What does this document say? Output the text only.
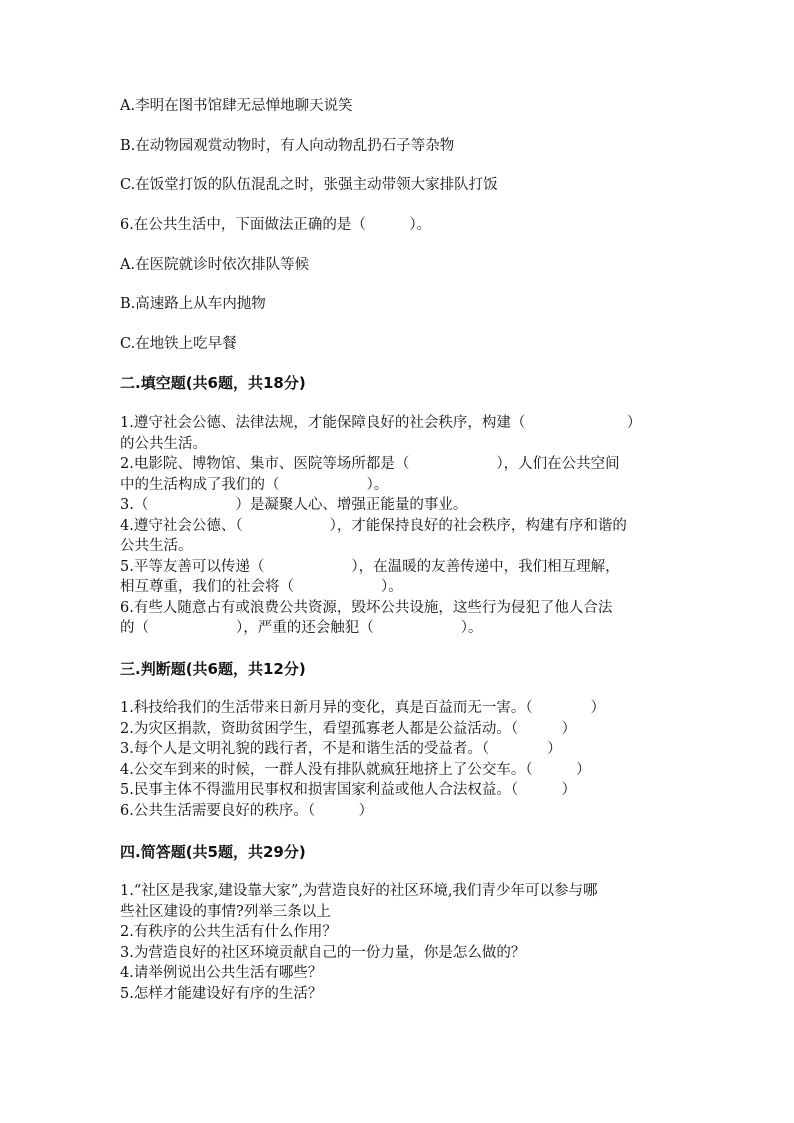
A.李明在图书馆肆无忌惮地聊天说笑
B.在动物园观赏动物时，有人向动物乱扔石子等杂物
C.在饭堂打饭的队伍混乱之时，张强主动带领大家排队打饭
6.在公共生活中，下面做法正确的是（　　　）。
A.在医院就诊时依次排队等候
B.高速路上从车内抛物
C.在地铁上吃早餐
二.填空题(共6题，共18分)
1.遵守社会公德、法律法规，才能保障良好的社会秩序，构建（　　　　　　　）
的公共生活。
2.电影院、博物馆、集市、医院等场所都是（　　　　　　），人们在公共空间
中的生活构成了我们的（　　　　　　）。
3.（　　　　　　）是凝聚人心、增强正能量的事业。
4.遵守社会公德、（　　　　　　），才能保持良好的社会秩序，构建有序和谐的
公共生活。
5.平等友善可以传递（　　　　　　），在温暖的友善传递中，我们相互理解，
相互尊重，我们的社会将（　　　　　　）。
6.有些人随意占有或浪费公共资源，毁坏公共设施，这些行为侵犯了他人合法
的（　　　　　　），严重的还会触犯（　　　　　　）。
三.判断题(共6题，共12分)
1.科技给我们的生活带来日新月异的变化，真是百益而无一害。（　　　　）
2.为灾区捐款，资助贫困学生，看望孤寡老人都是公益活动。（　　　）
3.每个人是文明礼貌的践行者，不是和谐生活的受益者。（　　　　）
4.公交车到来的时候，一群人没有排队就疯狂地挤上了公交车。（　　　）
5.民事主体不得滥用民事权和损害国家利益或他人合法权益。（　　　）
6.公共生活需要良好的秩序。（　　　）
四.简答题(共5题，共29分)
1.“社区是我家,建设靠大家”,为营造良好的社区环境,我们青少年可以参与哪
些社区建设的事情?列举三条以上
2.有秩序的公共生活有什么作用？
3.为营造良好的社区环境贡献自己的一份力量，你是怎么做的？
4.请举例说出公共生活有哪些？
5.怎样才能建设好有序的生活？
